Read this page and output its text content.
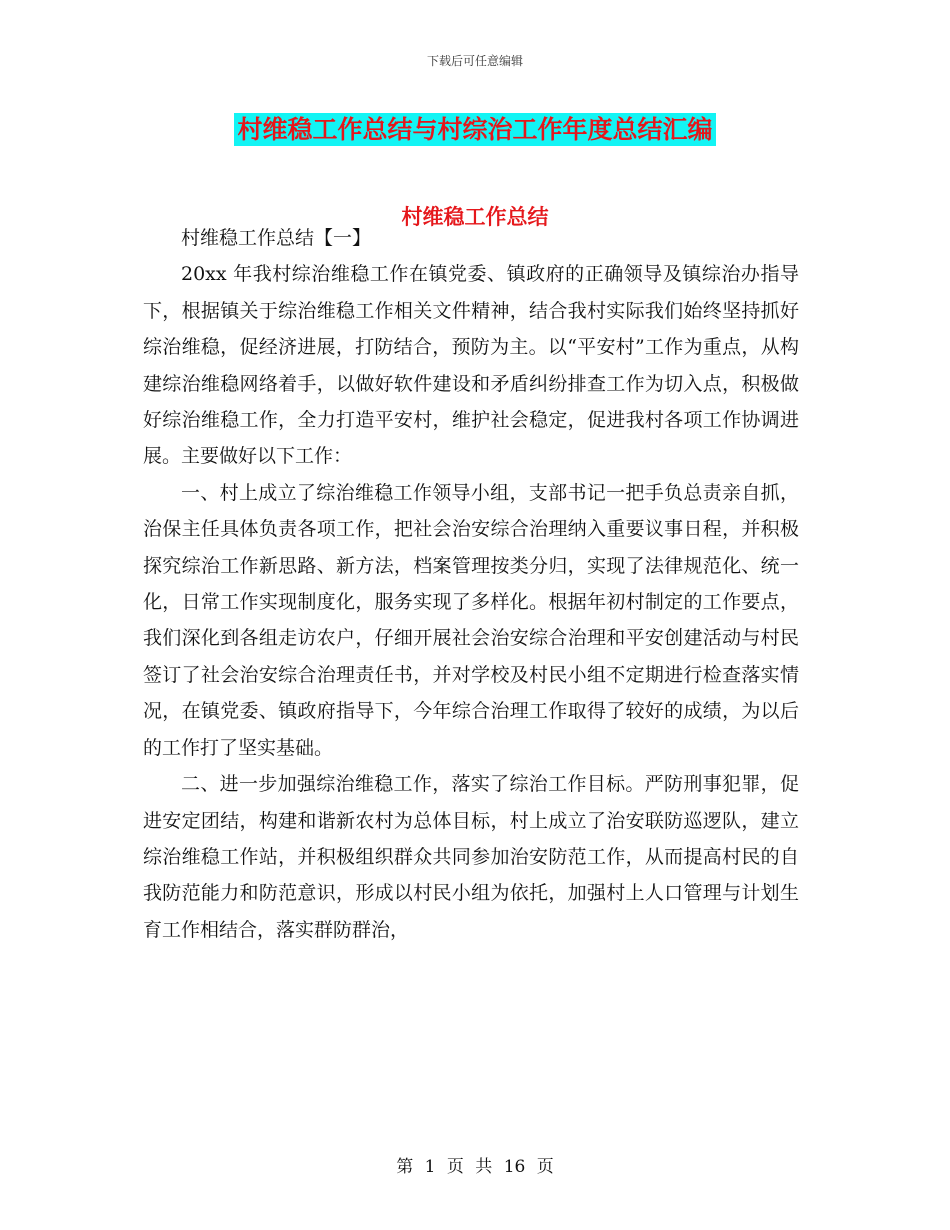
下载后可任意编辑
村维稳工作总结与村综治工作年度总结汇编
村维稳工作总结

村维稳工作总结【一】

20xx 年我村综治维稳工作在镇党委、镇政府的正确领导及镇综治办指导下，根据镇关于综治维稳工作相关文件精神，结合我村实际我们始终坚持抓好综治维稳，促经济进展，打防结合，预防为主。以“平安村”工作为重点，从构建综治维稳网络着手，以做好软件建设和矛盾纠纷排查工作为切入点，积极做好综治维稳工作，全力打造平安村，维护社会稳定，促进我村各项工作协调进展。主要做好以下工作：

一、村上成立了综治维稳工作领导小组，支部书记一把手负总责亲自抓，治保主任具体负责各项工作，把社会治安综合治理纳入重要议事日程，并积极探究综治工作新思路、新方法，档案管理按类分归，实现了法律规范化、统一化，日常工作实现制度化，服务实现了多样化。根据年初村制定的工作要点，我们深化到各组走访农户，仔细开展社会治安综合治理和平安创建活动与村民签订了社会治安综合治理责任书，并对学校及村民小组不定期进行检查落实情况，在镇党委、镇政府指导下，今年综合治理工作取得了较好的成绩，为以后的工作打了坚实基础。

二、进一步加强综治维稳工作，落实了综治工作目标。严防刑事犯罪，促进安定团结，构建和谐新农村为总体目标，村上成立了治安联防巡逻队，建立综治维稳工作站，并积极组织群众共同参加治安防范工作，从而提高村民的自我防范能力和防范意识，形成以村民小组为依托，加强村上人口管理与计划生育工作相结合，落实群防群治，

第 1 页 共 16 页
